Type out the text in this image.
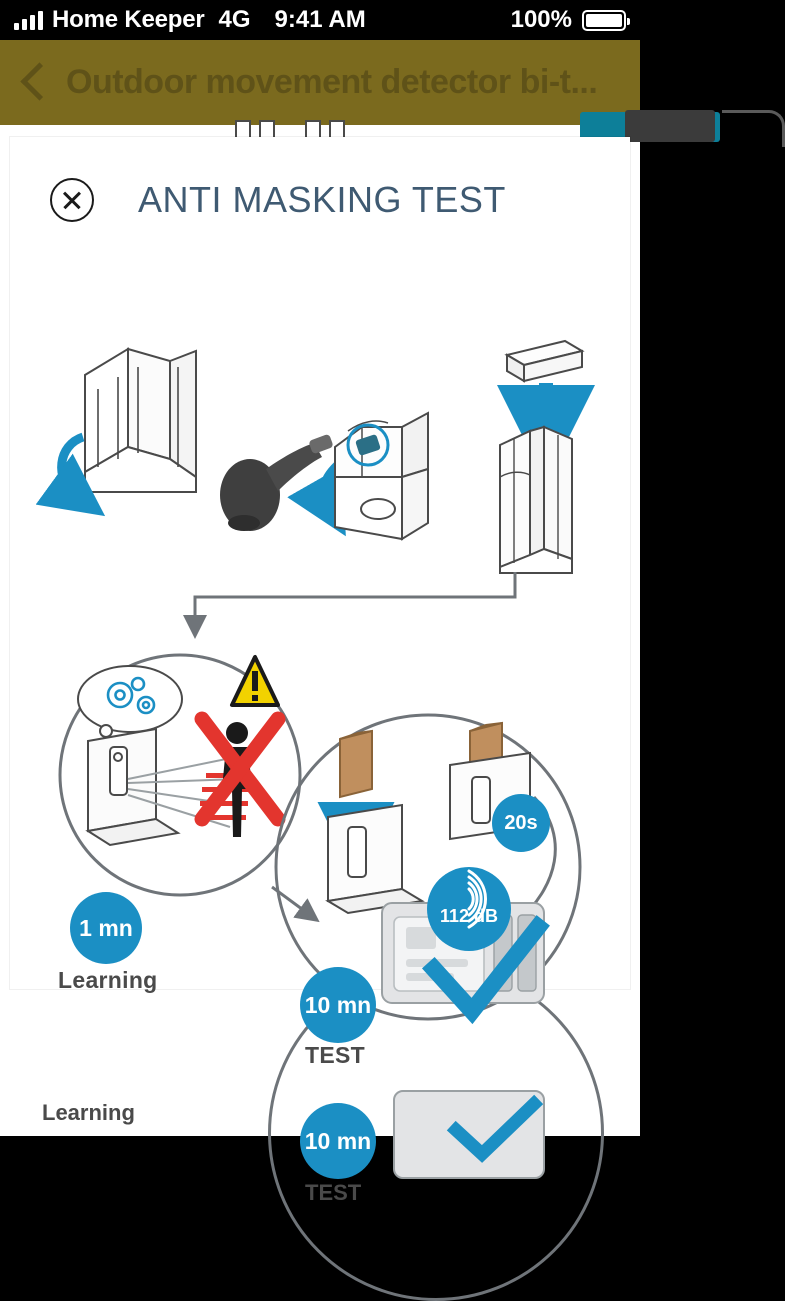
Home Keeper 4G 9:41 AM	100%
Outdoor movement detector bi-t...
10 mn
Learning
TEST
ANTI MASKING TEST
1 mn
10 mn
20s
112 dB
Learning
TEST
